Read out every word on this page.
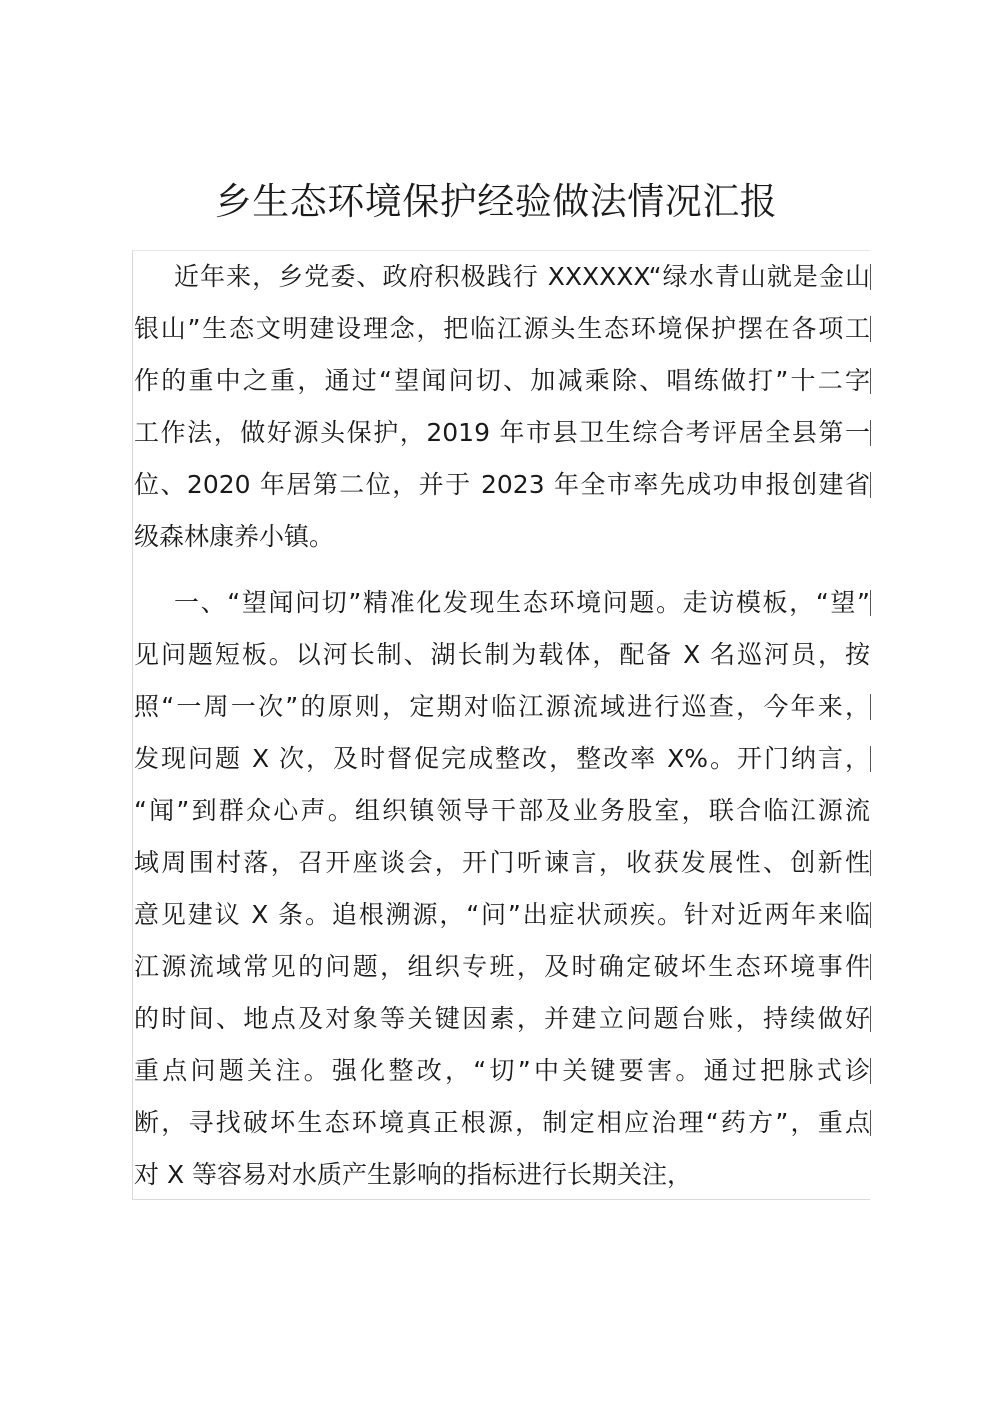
乡生态环境保护经验做法情况汇报
近年来，乡党委、政府积极践行 XXXXXX“绿水青山就是金山
银山”生态文明建设理念，把临江源头生态环境保护摆在各项工
作的重中之重，通过“望闻问切、加减乘除、唱练做打”十二字
工作法，做好源头保护，2019 年市县卫生综合考评居全县第一
位、2020 年居第二位，并于 2023 年全市率先成功申报创建省
级森林康养小镇。
一、“望闻问切”精准化发现生态环境问题。走访模板，“望”
见问题短板。以河长制、湖长制为载体，配备 X 名巡河员，按
照“一周一次”的原则，定期对临江源流域进行巡查，今年来，
发现问题 X 次，及时督促完成整改，整改率 X%。开门纳言，
“闻”到群众心声。组织镇领导干部及业务股室，联合临江源流
域周围村落，召开座谈会，开门听谏言，收获发展性、创新性
意见建议 X 条。追根溯源，“问”出症状顽疾。针对近两年来临
江源流域常见的问题，组织专班，及时确定破坏生态环境事件
的时间、地点及对象等关键因素，并建立问题台账，持续做好
重点问题关注。强化整改，“切”中关键要害。通过把脉式诊
断，寻找破坏生态环境真正根源，制定相应治理“药方”，重点
对 X 等容易对水质产生影响的指标进行长期关注，
